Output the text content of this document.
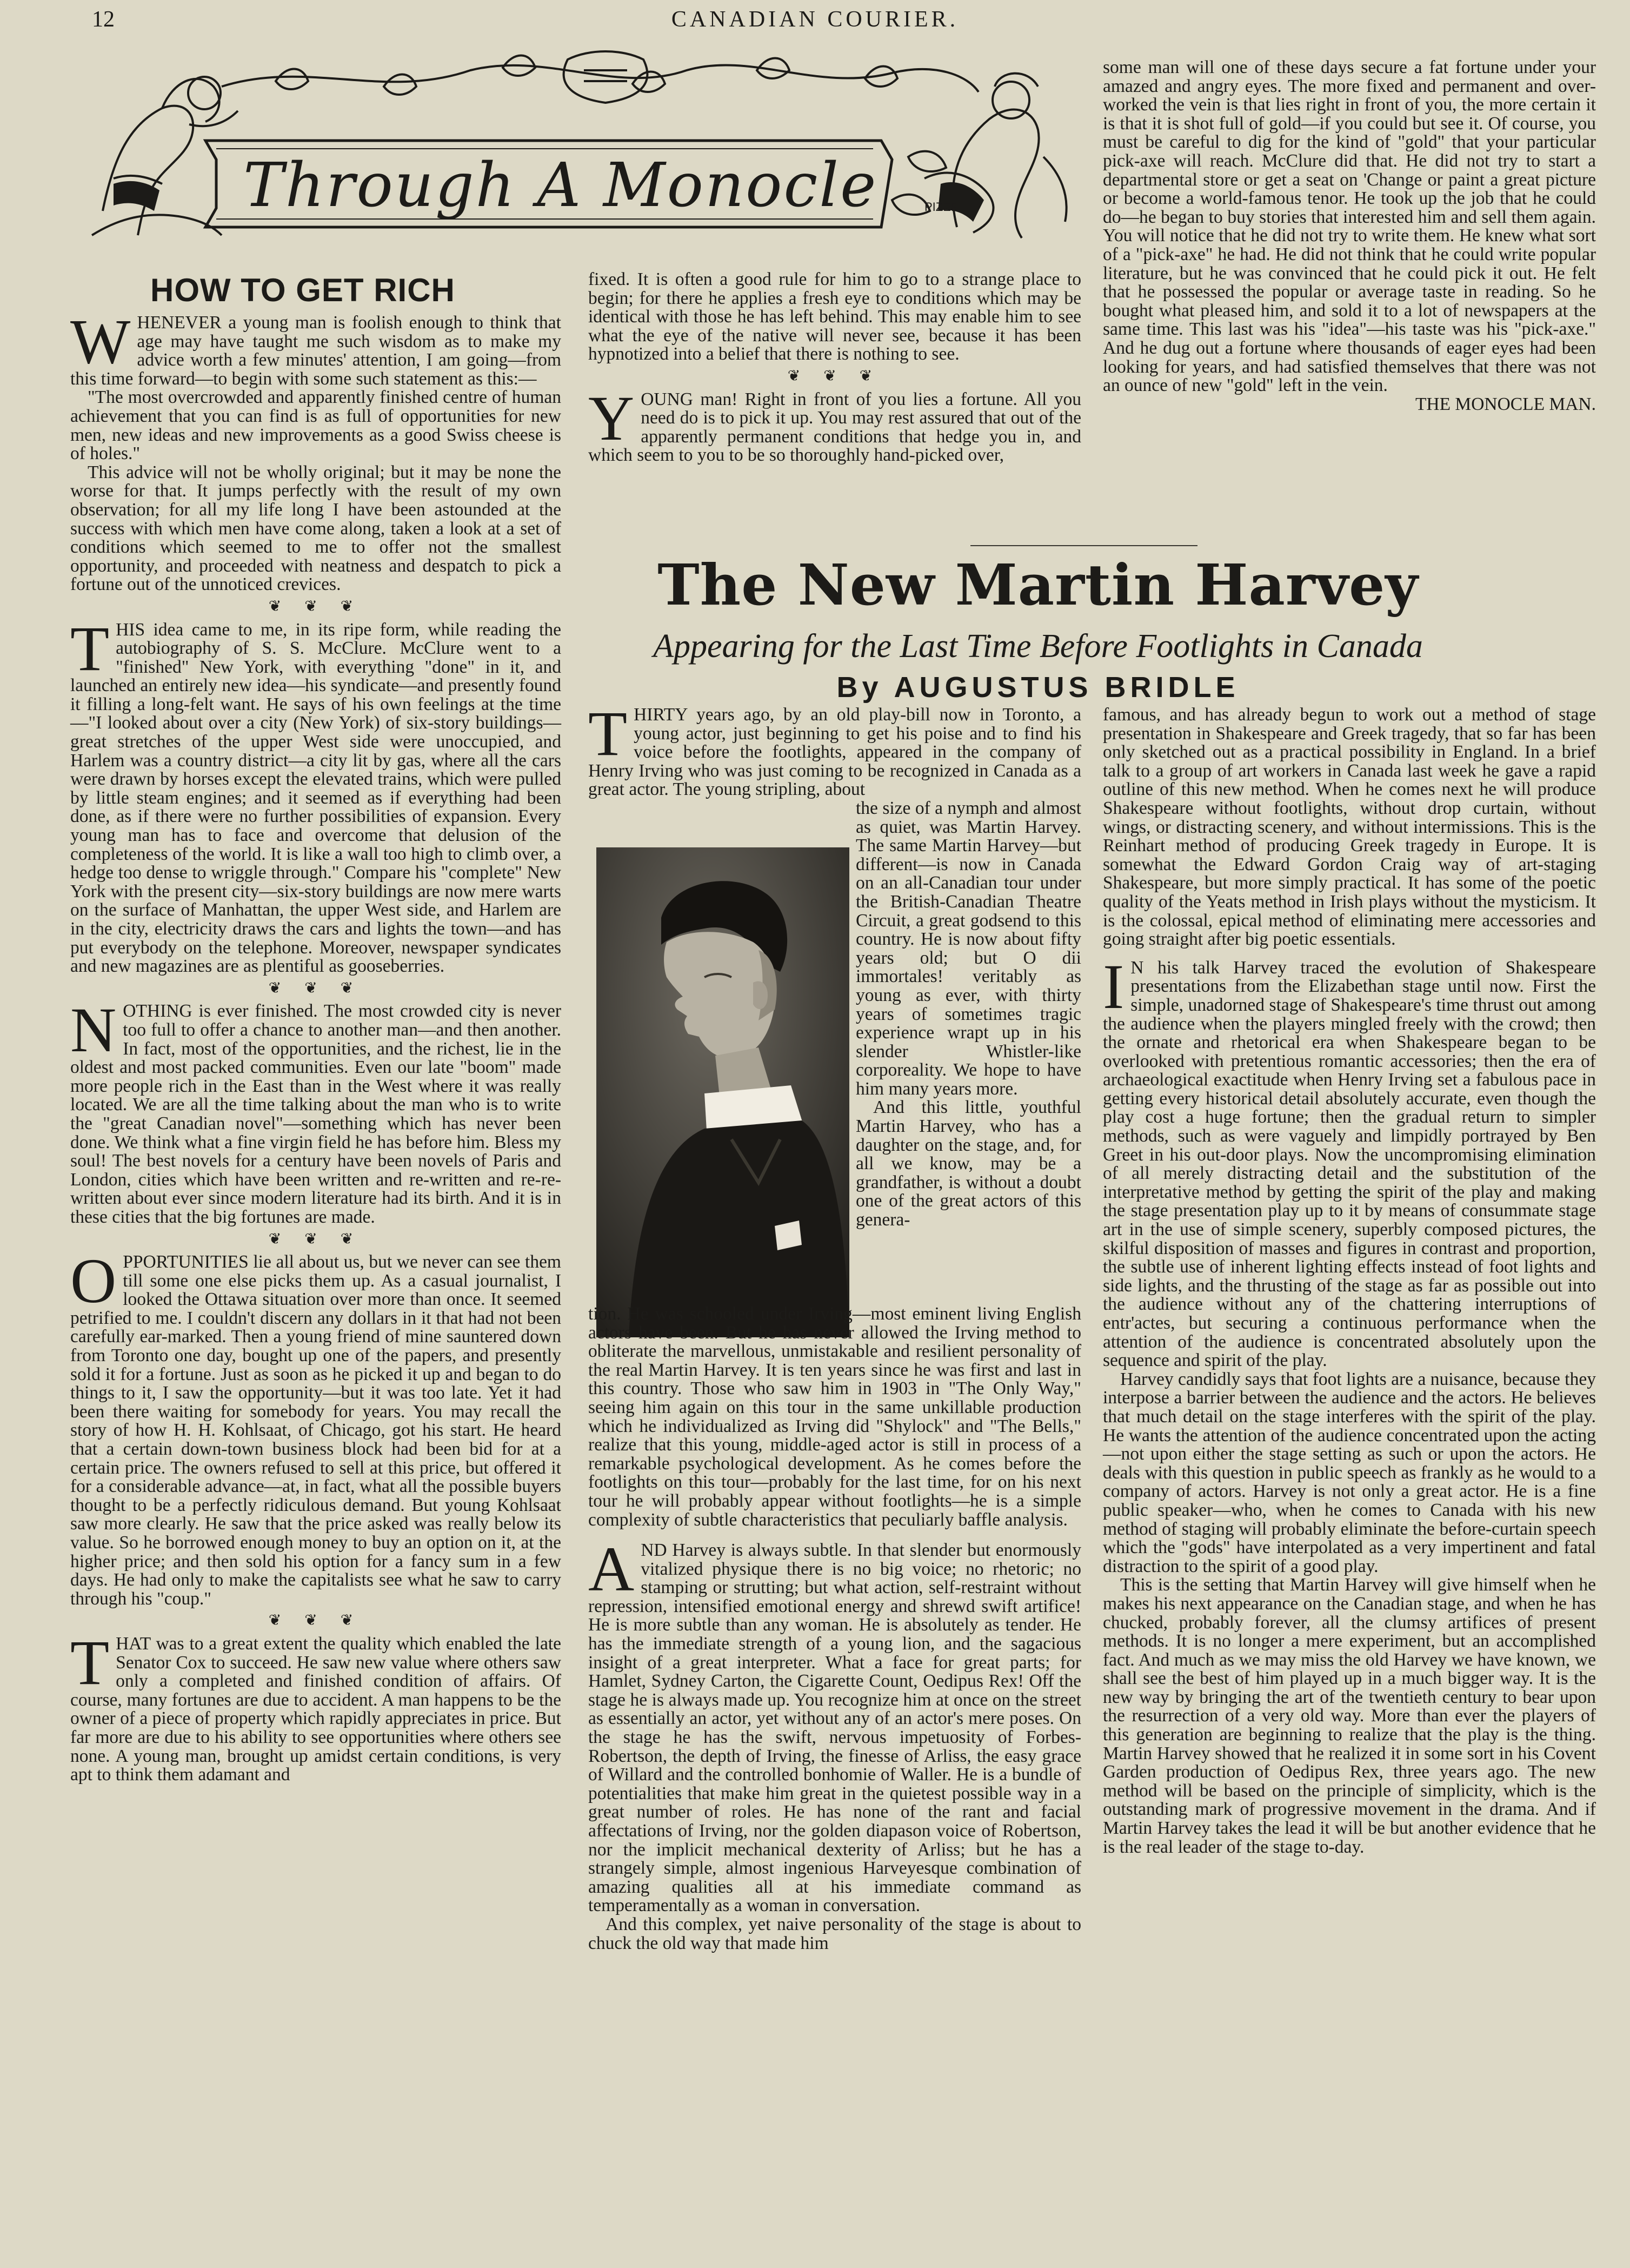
12	CANADIAN COURIER.
PIZER
Through A Monocle
HOW TO GET RICH

WHENEVER a young man is foolish enough to think that age may have taught me such wisdom as to make my advice worth a few minutes' attention, I am going—from this time forward—to begin with some such statement as this:—

"The most overcrowded and apparently finished centre of human achievement that you can find is as full of opportunities for new men, new ideas and new improvements as a good Swiss cheese is of holes."

This advice will not be wholly original; but it may be none the worse for that. It jumps perfectly with the result of my own observation; for all my life long I have been astounded at the success with which men have come along, taken a look at a set of conditions which seemed to me to offer not the smallest opportunity, and proceeded with neatness and despatch to pick a fortune out of the unnoticed crevices.

❦ ❦ ❦

THIS idea came to me, in its ripe form, while reading the autobiography of S. S. McClure. McClure went to a "finished" New York, with everything "done" in it, and launched an entirely new idea—his syndicate—and presently found it filling a long-felt want. He says of his own feelings at the time—"I looked about over a city (New York) of six-story buildings—great stretches of the upper West side were unoccupied, and Harlem was a country district—a city lit by gas, where all the cars were drawn by horses except the elevated trains, which were pulled by little steam engines; and it seemed as if everything had been done, as if there were no further possibilities of expansion. Every young man has to face and overcome that delusion of the completeness of the world. It is like a wall too high to climb over, a hedge too dense to wriggle through." Compare his "complete" New York with the present city—six-story buildings are now mere warts on the surface of Manhattan, the upper West side, and Harlem are in the city, electricity draws the cars and lights the town—and has put everybody on the telephone. Moreover, newspaper syndicates and new magazines are as plentiful as gooseberries.

❦ ❦ ❦

NOTHING is ever finished. The most crowded city is never too full to offer a chance to another man—and then another. In fact, most of the opportunities, and the richest, lie in the oldest and most packed communities. Even our late "boom" made more people rich in the East than in the West where it was really located. We are all the time talking about the man who is to write the "great Canadian novel"—something which has never been done. We think what a fine virgin field he has before him. Bless my soul! The best novels for a century have been novels of Paris and London, cities which have been written and re-written and re-re-written about ever since modern literature had its birth. And it is in these cities that the big fortunes are made.

❦ ❦ ❦

OPPORTUNITIES lie all about us, but we never can see them till some one else picks them up. As a casual journalist, I looked the Ottawa situation over more than once. It seemed petrified to me. I couldn't discern any dollars in it that had not been carefully ear-marked. Then a young friend of mine sauntered down from Toronto one day, bought up one of the papers, and presently sold it for a fortune. Just as soon as he picked it up and began to do things to it, I saw the opportunity—but it was too late. Yet it had been there waiting for somebody for years. You may recall the story of how H. H. Kohlsaat, of Chicago, got his start. He heard that a certain down-town business block had been bid for at a certain price. The owners refused to sell at this price, but offered it for a considerable advance—at, in fact, what all the possible buyers thought to be a perfectly ridiculous demand. But young Kohlsaat saw more clearly. He saw that the price asked was really below its value. So he borrowed enough money to buy an option on it, at the higher price; and then sold his option for a fancy sum in a few days. He had only to make the capitalists see what he saw to carry through his "coup."

❦ ❦ ❦

THAT was to a great extent the quality which enabled the late Senator Cox to succeed. He saw new value where others saw only a completed and finished condition of affairs. Of course, many fortunes are due to accident. A man happens to be the owner of a piece of property which rapidly appreciates in price. But far more are due to his ability to see opportunities where others see none. A young man, brought up amidst certain conditions, is very apt to think them adamant and

fixed. It is often a good rule for him to go to a strange place to begin; for there he applies a fresh eye to conditions which may be identical with those he has left behind. This may enable him to see what the eye of the native will never see, because it has been hypnotized into a belief that there is nothing to see.

❦ ❦ ❦

YOUNG man! Right in front of you lies a fortune. All you need do is to pick it up. You may rest assured that out of the apparently permanent conditions that hedge you in, and which seem to you to be so thoroughly hand-picked over,

some man will one of these days secure a fat fortune under your amazed and angry eyes. The more fixed and permanent and over-worked the vein is that lies right in front of you, the more certain it is that it is shot full of gold—if you could but see it. Of course, you must be careful to dig for the kind of "gold" that your particular pick-axe will reach. McClure did that. He did not try to start a departmental store or get a seat on 'Change or paint a great picture or become a world-famous tenor. He took up the job that he could do—he began to buy stories that interested him and sell them again. You will notice that he did not try to write them. He knew what sort of a "pick-axe" he had. He did not think that he could write popular literature, but he was convinced that he could pick it out. He felt that he possessed the popular or average taste in reading. So he bought what pleased him, and sold it to a lot of newspapers at the same time. This last was his "idea"—his taste was his "pick-axe." And he dug out a fortune where thousands of eager eyes had been looking for years, and had satisfied themselves that there was not an ounce of new "gold" left in the vein.

THE MONOCLE MAN.

The New Martin Harvey
Appearing for the Last Time Before Footlights in Canada
By AUGUSTUS BRIDLE

THIRTY years ago, by an old play-bill now in Toronto, a young actor, just beginning to get his poise and to find his voice before the footlights, appeared in the company of Henry Irving who was just coming to be recognized in Canada as a great actor. The young stripling, about

the size of a nymph and almost as quiet, was Martin Harvey. The same Martin Harvey—but different—is now in Canada on an all-Canadian tour under the British-Canadian Theatre Circuit, a great godsend to this country. He is now about fifty years old; but O dii immortales! veritably as young as ever, with thirty years of sometimes tragic experience wrapt up in his slender Whistler-like corporeality. We hope to have him many years more.

And this little, youthful Martin Harvey, who has a daughter on the stage, and, for all we know, may be a grandfather, is without a doubt one of the great actors of this genera-

tion. He was schooled under Irving—most eminent living English actors have been. But he has never allowed the Irving method to obliterate the marvellous, unmistakable and resilient personality of the real Martin Harvey. It is ten years since he was first and last in this country. Those who saw him in 1903 in "The Only Way," seeing him again on this tour in the same unkillable production which he individualized as Irving did "Shylock" and "The Bells," realize that this young, middle-aged actor is still in process of a remarkable psychological development. As he comes before the footlights on this tour—probably for the last time, for on his next tour he will probably appear without footlights—he is a simple complexity of subtle characteristics that peculiarly baffle analysis.

AND Harvey is always subtle. In that slender but enormously vitalized physique there is no big voice; no rhetoric; no stamping or strutting; but what action, self-restraint without repression, intensified emotional energy and shrewd swift artifice! He is more subtle than any woman. He is absolutely as tender. He has the immediate strength of a young lion, and the sagacious insight of a great interpreter. What a face for great parts; for Hamlet, Sydney Carton, the Cigarette Count, Oedipus Rex! Off the stage he is always made up. You recognize him at once on the street as essentially an actor, yet without any of an actor's mere poses. On the stage he has the swift, nervous impetuosity of Forbes-Robertson, the depth of Irving, the finesse of Arliss, the easy grace of Willard and the controlled bonhomie of Waller. He is a bundle of potentialities that make him great in the quietest possible way in a great number of roles. He has none of the rant and facial affectations of Irving, nor the golden diapason voice of Robertson, nor the implicit mechanical dexterity of Arliss; but he has a strangely simple, almost ingenious Harveyesque combination of amazing qualities all at his immediate command as temperamentally as a woman in conversation.

And this complex, yet naive personality of the stage is about to chuck the old way that made him

famous, and has already begun to work out a method of stage presentation in Shakespeare and Greek tragedy, that so far has been only sketched out as a practical possibility in England. In a brief talk to a group of art workers in Canada last week he gave a rapid outline of this new method. When he comes next he will produce Shakespeare without footlights, without drop curtain, without wings, or distracting scenery, and without intermissions. This is the Reinhart method of producing Greek tragedy in Europe. It is somewhat the Edward Gordon Craig way of art-staging Shakespeare, but more simply practical. It has some of the poetic quality of the Yeats method in Irish plays without the mysticism. It is the colossal, epical method of eliminating mere accessories and going straight after big poetic essentials.

I N his talk Harvey traced the evolution of Shakespeare presentations from the Elizabethan stage until now. First the simple, unadorned stage of Shakespeare's time thrust out among the audience when the players mingled freely with the crowd; then the ornate and rhetorical era when Shakespeare began to be overlooked with pretentious romantic accessories; then the era of archaeological exactitude when Henry Irving set a fabulous pace in getting every historical detail absolutely accurate, even though the play cost a huge fortune; then the gradual return to simpler methods, such as were vaguely and limpidly portrayed by Ben Greet in his out-door plays. Now the uncompromising elimination of all merely distracting detail and the substitution of the interpretative method by getting the spirit of the play and making the stage presentation play up to it by means of consummate stage art in the use of simple scenery, superbly composed pictures, the skilful disposition of masses and figures in contrast and proportion, the subtle use of inherent lighting effects instead of foot lights and side lights, and the thrusting of the stage as far as possible out into the audience without any of the chattering interruptions of entr'actes, but securing a continuous performance when the attention of the audience is concentrated absolutely upon the sequence and spirit of the play.

Harvey candidly says that foot lights are a nuisance, because they interpose a barrier between the audience and the actors. He believes that much detail on the stage interferes with the spirit of the play. He wants the attention of the audience concentrated upon the acting—not upon either the stage setting as such or upon the actors. He deals with this question in public speech as frankly as he would to a company of actors. Harvey is not only a great actor. He is a fine public speaker—who, when he comes to Canada with his new method of staging will probably eliminate the before-curtain speech which the "gods" have interpolated as a very impertinent and fatal distraction to the spirit of a good play.

This is the setting that Martin Harvey will give himself when he makes his next appearance on the Canadian stage, and when he has chucked, probably forever, all the clumsy artifices of present methods. It is no longer a mere experiment, but an accomplished fact. And much as we may miss the old Harvey we have known, we shall see the best of him played up in a much bigger way. It is the new way by bringing the art of the twentieth century to bear upon the resurrection of a very old way. More than ever the players of this generation are beginning to realize that the play is the thing. Martin Harvey showed that he realized it in some sort in his Covent Garden production of Oedipus Rex, three years ago. The new method will be based on the principle of simplicity, which is the outstanding mark of progressive movement in the drama. And if Martin Harvey takes the lead it will be but another evidence that he is the real leader of the stage to-day.
